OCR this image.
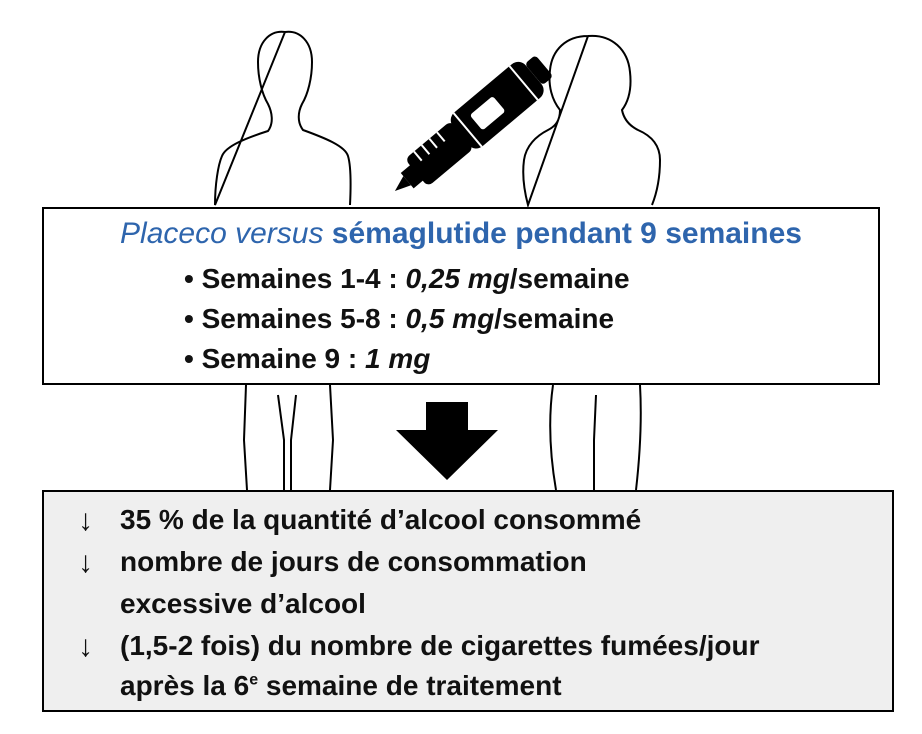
Placeco versus sémaglutide pendant 9 semaines
• Semaines 1-4 : 0,25 mg/semaine
• Semaines 5-8 : 0,5 mg/semaine
• Semaine 9 : 1 mg
↓ 35 % de la quantité d’alcool consommé
↓ nombre de jours de consommation
excessive d’alcool
↓ (1,5-2 fois) du nombre de cigarettes fumées/jour
après la 6e semaine de traitement
